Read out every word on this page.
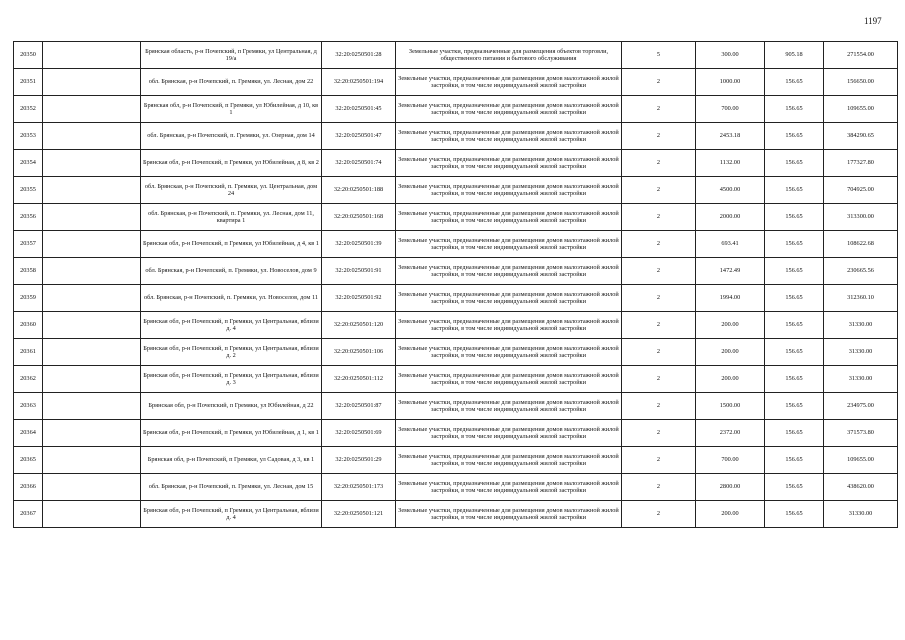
1197
20350		Брянская область, р-н Почепский, п Гремяки, ул Центральная, д 19/а	32:20:0250501:28	Земельные участки, предназначенные для размещения объектов торговли, общественного питания и бытового обслуживания	5	300.00	905.18	271554.00
20351		обл. Брянская, р-н Почепский, п. Гремяки, ул. Лесная, дом 22	32:20:0250501:194	Земельные участки, предназначенные для размещения домов малоэтажной жилой застройки, в том числе индивидуальной жилой застройки	2	1000.00	156.65	156650.00
20352		Брянская обл, р-н Почепский, п Гремяки, ул Юбилейная, д 10, кв 1	32:20:0250501:45	Земельные участки, предназначенные для размещения домов малоэтажной жилой застройки, в том числе индивидуальной жилой застройки	2	700.00	156.65	109655.00
20353		обл. Брянская, р-н Почепский, п. Гремяки, ул. Озерная, дом 14	32:20:0250501:47	Земельные участки, предназначенные для размещения домов малоэтажной жилой застройки, в том числе индивидуальной жилой застройки	2	2453.18	156.65	384290.65
20354		Брянская обл, р-н Почепский, п Гремяки, ул Юбилейная, д 8, кв 2	32:20:0250501:74	Земельные участки, предназначенные для размещения домов малоэтажной жилой застройки, в том числе индивидуальной жилой застройки	2	1132.00	156.65	177327.80
20355		обл. Брянская, р-н Почепский, п. Гремяки, ул. Центральная, дом 24	32:20:0250501:188	Земельные участки, предназначенные для размещения домов малоэтажной жилой застройки, в том числе индивидуальной жилой застройки	2	4500.00	156.65	704925.00
20356		обл. Брянская, р-н Почепский, п. Гремяки, ул. Лесная, дом 11, квартира 1	32:20:0250501:168	Земельные участки, предназначенные для размещения домов малоэтажной жилой застройки, в том числе индивидуальной жилой застройки	2	2000.00	156.65	313300.00
20357		Брянская обл, р-н Почепский, п Гремяки, ул Юбилейная, д 4, кв 1	32:20:0250501:39	Земельные участки, предназначенные для размещения домов малоэтажной жилой застройки, в том числе индивидуальной жилой застройки	2	693.41	156.65	108622.68
20358		обл. Брянская, р-н Почепский, п. Гремяки, ул. Новоселов, дом 9	32:20:0250501:91	Земельные участки, предназначенные для размещения домов малоэтажной жилой застройки, в том числе индивидуальной жилой застройки	2	1472.49	156.65	230665.56
20359		обл. Брянская, р-н Почепский, п. Гремяки, ул. Новоселов, дом 11	32:20:0250501:92	Земельные участки, предназначенные для размещения домов малоэтажной жилой застройки, в том числе индивидуальной жилой застройки	2	1994.00	156.65	312360.10
20360		Брянская обл, р-н Почепский, п Гремяки, ул Центральная, вблизи д. 4	32:20:0250501:120	Земельные участки, предназначенные для размещения домов малоэтажной жилой застройки, в том числе индивидуальной жилой застройки	2	200.00	156.65	31330.00
20361		Брянская обл, р-н Почепский, п Гремяки, ул Центральная, вблизи д. 2	32:20:0250501:106	Земельные участки, предназначенные для размещения домов малоэтажной жилой застройки, в том числе индивидуальной жилой застройки	2	200.00	156.65	31330.00
20362		Брянская обл, р-н Почепский, п Гремяки, ул Центральная, вблизи д. 3	32:20:0250501:112	Земельные участки, предназначенные для размещения домов малоэтажной жилой застройки, в том числе индивидуальной жилой застройки	2	200.00	156.65	31330.00
20363		Брянская обл, р-н Почепский, п Гремяки, ул Юбилейная, д 22	32:20:0250501:87	Земельные участки, предназначенные для размещения домов малоэтажной жилой застройки, в том числе индивидуальной жилой застройки	2	1500.00	156.65	234975.00
20364		Брянская обл, р-н Почепский, п Гремяки, ул Юбилейная, д 1, кв 1	32:20:0250501:69	Земельные участки, предназначенные для размещения домов малоэтажной жилой застройки, в том числе индивидуальной жилой застройки	2	2372.00	156.65	371573.80
20365		Брянская обл, р-н Почепский, п Гремяки, ул Садовая, д 3, кв 1	32:20:0250501:29	Земельные участки, предназначенные для размещения домов малоэтажной жилой застройки, в том числе индивидуальной жилой застройки	2	700.00	156.65	109655.00
20366		обл. Брянская, р-н Почепский, п. Гремяки, ул. Лесная, дом 15	32:20:0250501:173	Земельные участки, предназначенные для размещения домов малоэтажной жилой застройки, в том числе индивидуальной жилой застройки	2	2800.00	156.65	438620.00
20367		Брянская обл, р-н Почепский, п Гремяки, ул Центральная, вблизи д. 4	32:20:0250501:121	Земельные участки, предназначенные для размещения домов малоэтажной жилой застройки, в том числе индивидуальной жилой застройки	2	200.00	156.65	31330.00
